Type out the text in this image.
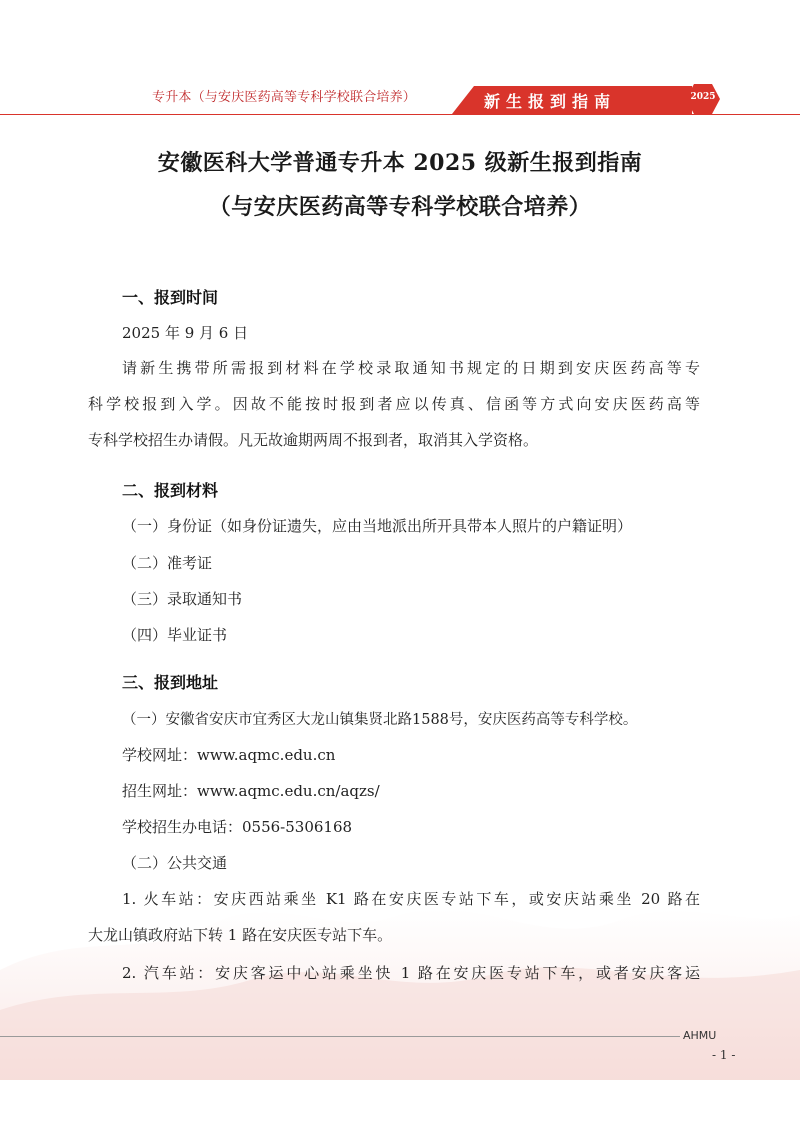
专升本（与安庆医药高等专科学校联合培养）	新生报到指南	2025
安徽医科大学普通专升本 2025 级新生报到指南
（与安庆医药高等专科学校联合培养）
一、报到时间
2025 年 9 月 6 日
请新生携带所需报到材料在学校录取通知书规定的日期到安庆医药高等专
科学校报到入学。因故不能按时报到者应以传真、信函等方式向安庆医药高等
专科学校招生办请假。凡无故逾期两周不报到者，取消其入学资格。
二、报到材料
（一）身份证（如身份证遗失，应由当地派出所开具带本人照片的户籍证明）
（二）准考证
（三）录取通知书
（四）毕业证书
三、报到地址
（一）安徽省安庆市宜秀区大龙山镇集贤北路1588号，安庆医药高等专科学校。
学校网址：www.aqmc.edu.cn
招生网址：www.aqmc.edu.cn/aqzs/
学校招生办电话：0556-5306168
（二）公共交通
1. 火车站：安庆西站乘坐 K1 路在安庆医专站下车，或安庆站乘坐 20 路在
大龙山镇政府站下转 1 路在安庆医专站下车。
2. 汽车站：安庆客运中心站乘坐快 1 路在安庆医专站下车，或者安庆客运
AHMU
- 1 -
